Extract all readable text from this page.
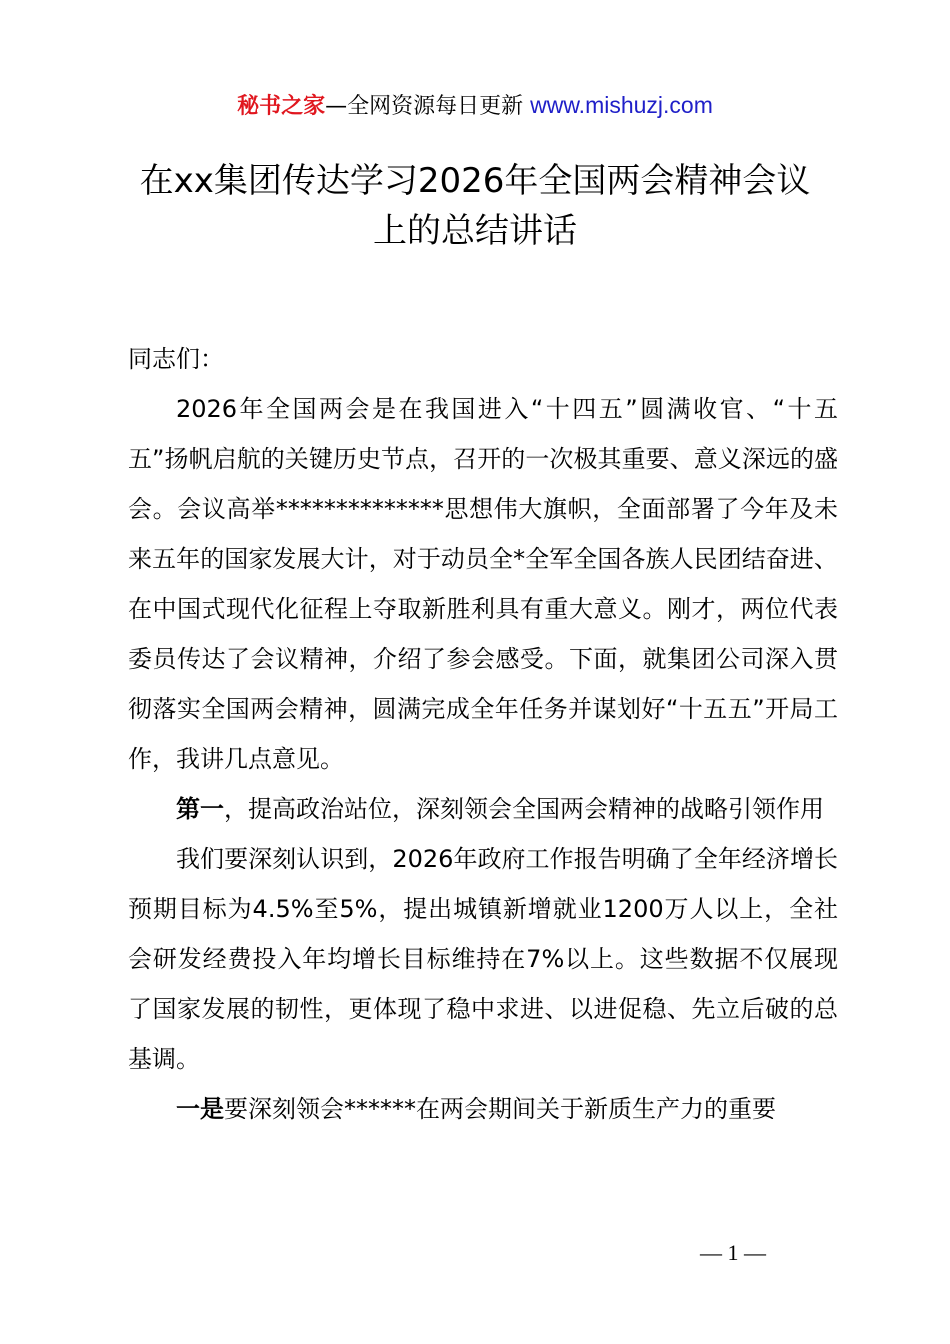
秘书之家—全网资源每日更新 www.mishuzj.com
在xx集团传达学习2026年全国两会精神会议
上的总结讲话

同志们：

2026年全国两会是在我国进入“十四五”圆满收官、“十五五”扬帆启航的关键历史节点，召开的一次极其重要、意义深远的盛会。会议高举**************思想伟大旗帜，全面部署了今年及未来五年的国家发展大计，对于动员全*全军全国各族人民团结奋进、在中国式现代化征程上夺取新胜利具有重大意义。刚才，两位代表委员传达了会议精神，介绍了参会感受。下面，就集团公司深入贯彻落实全国两会精神，圆满完成全年任务并谋划好“十五五”开局工作，我讲几点意见。

第一，提高政治站位，深刻领会全国两会精神的战略引领作用

我们要深刻认识到，2026年政府工作报告明确了全年经济增长预期目标为4.5%至5%，提出城镇新增就业1200万人以上，全社会研发经费投入年均增长目标维持在7%以上。这些数据不仅展现了国家发展的韧性，更体现了稳中求进、以进促稳、先立后破的总基调。

一是要深刻领会******在两会期间关于新质生产力的重要

— 1 —
